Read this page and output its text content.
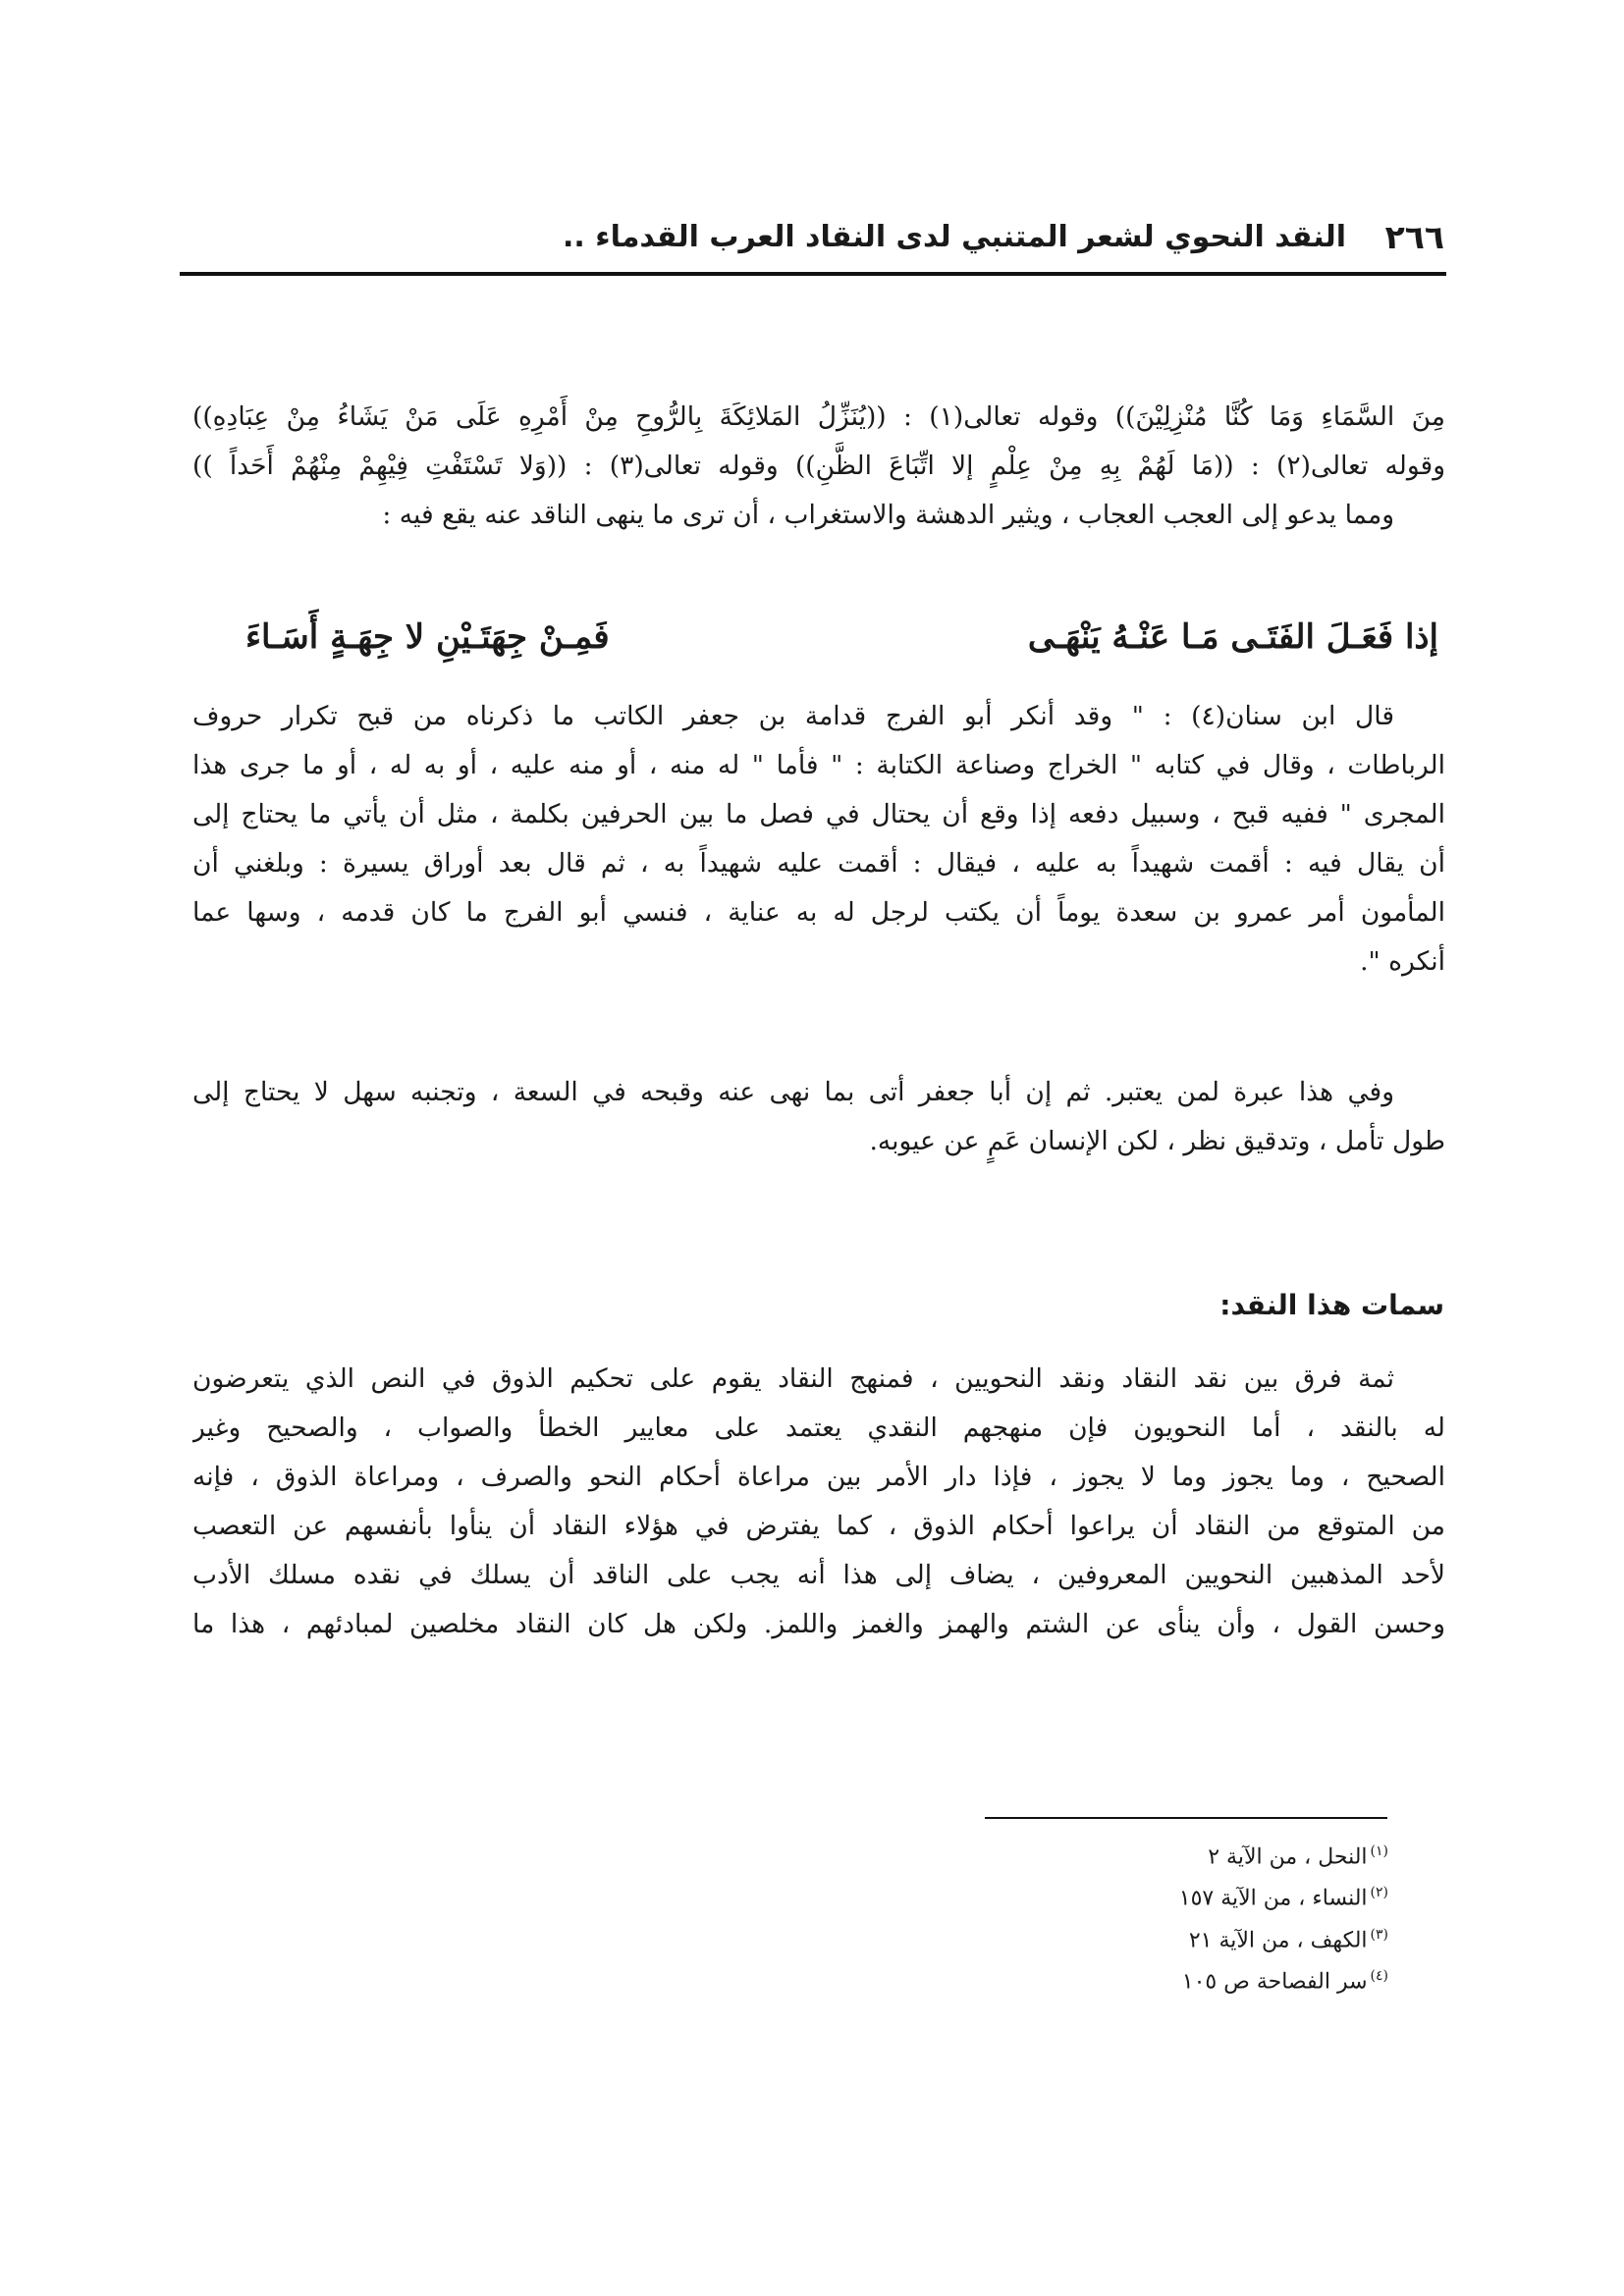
٢٦٦
النقد النحوي لشعر المتنبي لدى النقاد العرب القدماء ..
مِنَ السَّمَاءِ وَمَا كُنَّا مُنْزِلِيْنَ)) وقوله تعالى(١) : ((يُنَزِّلُ المَلائِكَةَ بِالرُّوحِ مِنْ أَمْرِهِ عَلَى مَنْ يَشَاءُ مِنْ عِبَادِهِ))
وقوله تعالى(٢) : ((مَا لَهُمْ بِهِ مِنْ عِلْمٍ إلا اتِّبَاعَ الظَّنِ)) وقوله تعالى(٣) : ((وَلا تَسْتَفْتِ فِيْهِمْ مِنْهُمْ أَحَداً ))
ومما يدعو إلى العجب العجاب ، ويثير الدهشة والاستغراب ، أن ترى ما ينهى الناقد عنه يقع فيه :
إذا فَعَـلَ الفَتَـى مَـا عَنْـهُ يَنْهَـى
فَمِـنْ جِهَتَـيْنِ لا جِهَـةٍ أَسَـاءَ
قال ابن سنان(٤) : " وقد أنكر أبو الفرج قدامة بن جعفر الكاتب ما ذكرناه من قبح تكرار حروف
الرباطات ، وقال في كتابه " الخراج وصناعة الكتابة : " فأما " له منه ، أو منه عليه ، أو به له ، أو ما جرى هذا
المجرى " ففيه قبح ، وسبيل دفعه إذا وقع أن يحتال في فصل ما بين الحرفين بكلمة ، مثل أن يأتي ما يحتاج إلى
أن يقال فيه : أقمت شهيداً به عليه ، فيقال : أقمت عليه شهيداً به ، ثم قال بعد أوراق يسيرة : وبلغني أن
المأمون أمر عمرو بن سعدة يوماً أن يكتب لرجل له به عناية ، فنسي أبو الفرج ما كان قدمه ، وسها عما
أنكره ".
وفي هذا عبرة لمن يعتبر. ثم إن أبا جعفر أتى بما نهى عنه وقبحه في السعة ، وتجنبه سهل لا يحتاج إلى
طول تأمل ، وتدقيق نظر ، لكن الإنسان عَمٍ عن عيوبه.
سمات هذا النقد:
ثمة فرق بين نقد النقاد ونقد النحويين ، فمنهج النقاد يقوم على تحكيم الذوق في النص الذي يتعرضون
له بالنقد ، أما النحويون فإن منهجهم النقدي يعتمد على معايير الخطأ والصواب ، والصحيح وغير
الصحيح ، وما يجوز وما لا يجوز ، فإذا دار الأمر بين مراعاة أحكام النحو والصرف ، ومراعاة الذوق ، فإنه
من المتوقع من النقاد أن يراعوا أحكام الذوق ، كما يفترض في هؤلاء النقاد أن ينأوا بأنفسهم عن التعصب
لأحد المذهبين النحويين المعروفين ، يضاف إلى هذا أنه يجب على الناقد أن يسلك في نقده مسلك الأدب
وحسن القول ، وأن ينأى عن الشتم والهمز والغمز واللمز. ولكن هل كان النقاد مخلصين لمبادئهم ، هذا ما
$^{(١)}$النحل ، من الآية ٢
$^{(٢)}$النساء ، من الآية ١٥٧
$^{(٣)}$الكهف ، من الآية ٢١
$^{(٤)}$سر الفصاحة ص ١٠٥
